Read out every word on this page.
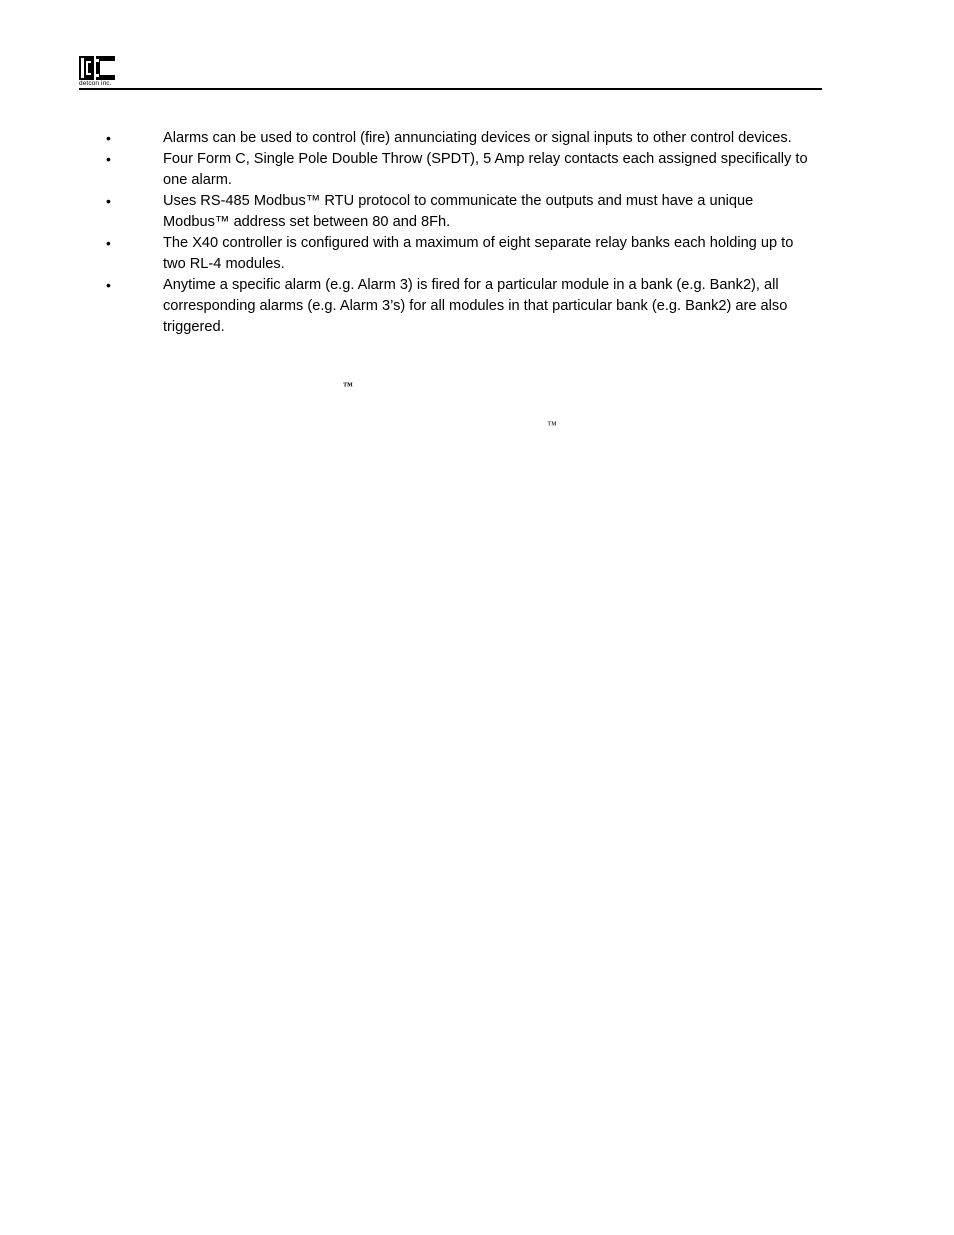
detcon inc.
•	Alarms can be used to control (fire) annunciating devices or signal inputs to other control devices.
•	Four Form C, Single Pole Double Throw (SPDT), 5 Amp relay contacts each assigned specifically to one alarm.
•	Uses RS-485 Modbus™ RTU protocol to communicate the outputs and must have a unique Modbus™ address set between 80 and 8Fh.
•	The X40 controller is configured with a maximum of eight separate relay banks each holding up to two RL-4 modules.
•	Anytime a specific alarm (e.g. Alarm 3) is fired for a particular module in a bank (e.g. Bank2), all corresponding alarms (e.g. Alarm 3’s) for all modules in that particular bank (e.g. Bank2) are also triggered.
™
™
